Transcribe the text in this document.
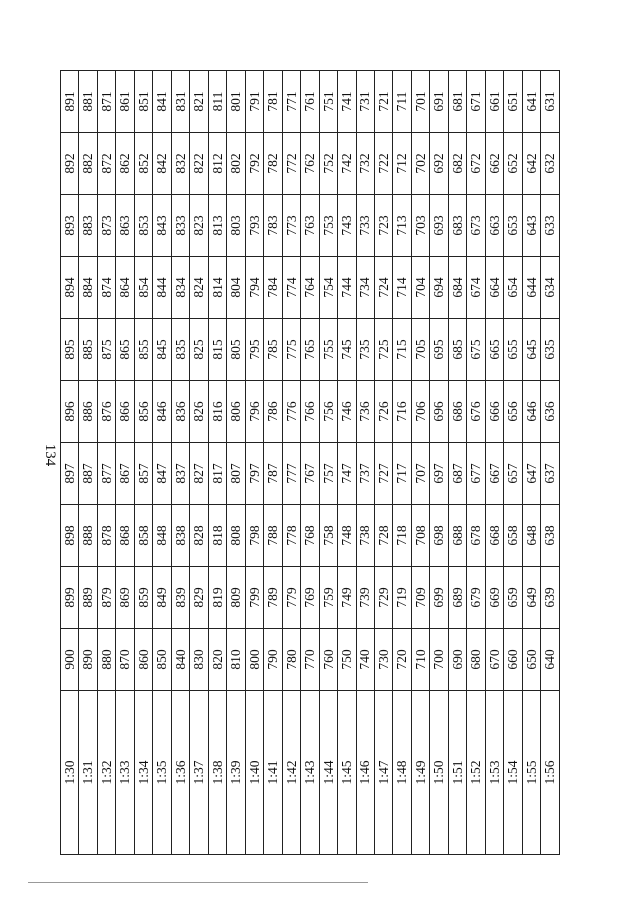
134
1:30	900	899	898	897	896	895	894	893	892	891
1:31	890	889	888	887	886	885	884	883	882	881
1:32	880	879	878	877	876	875	874	873	872	871
1:33	870	869	868	867	866	865	864	863	862	861
1:34	860	859	858	857	856	855	854	853	852	851
1:35	850	849	848	847	846	845	844	843	842	841
1:36	840	839	838	837	836	835	834	833	832	831
1:37	830	829	828	827	826	825	824	823	822	821
1:38	820	819	818	817	816	815	814	813	812	811
1:39	810	809	808	807	806	805	804	803	802	801
1:40	800	799	798	797	796	795	794	793	792	791
1:41	790	789	788	787	786	785	784	783	782	781
1:42	780	779	778	777	776	775	774	773	772	771
1:43	770	769	768	767	766	765	764	763	762	761
1:44	760	759	758	757	756	755	754	753	752	751
1:45	750	749	748	747	746	745	744	743	742	741
1:46	740	739	738	737	736	735	734	733	732	731
1:47	730	729	728	727	726	725	724	723	722	721
1:48	720	719	718	717	716	715	714	713	712	711
1:49	710	709	708	707	706	705	704	703	702	701
1:50	700	699	698	697	696	695	694	693	692	691
1:51	690	689	688	687	686	685	684	683	682	681
1:52	680	679	678	677	676	675	674	673	672	671
1:53	670	669	668	667	666	665	664	663	662	661
1:54	660	659	658	657	656	655	654	653	652	651
1:55	650	649	648	647	646	645	644	643	642	641
1:56	640	639	638	637	636	635	634	633	632	631
